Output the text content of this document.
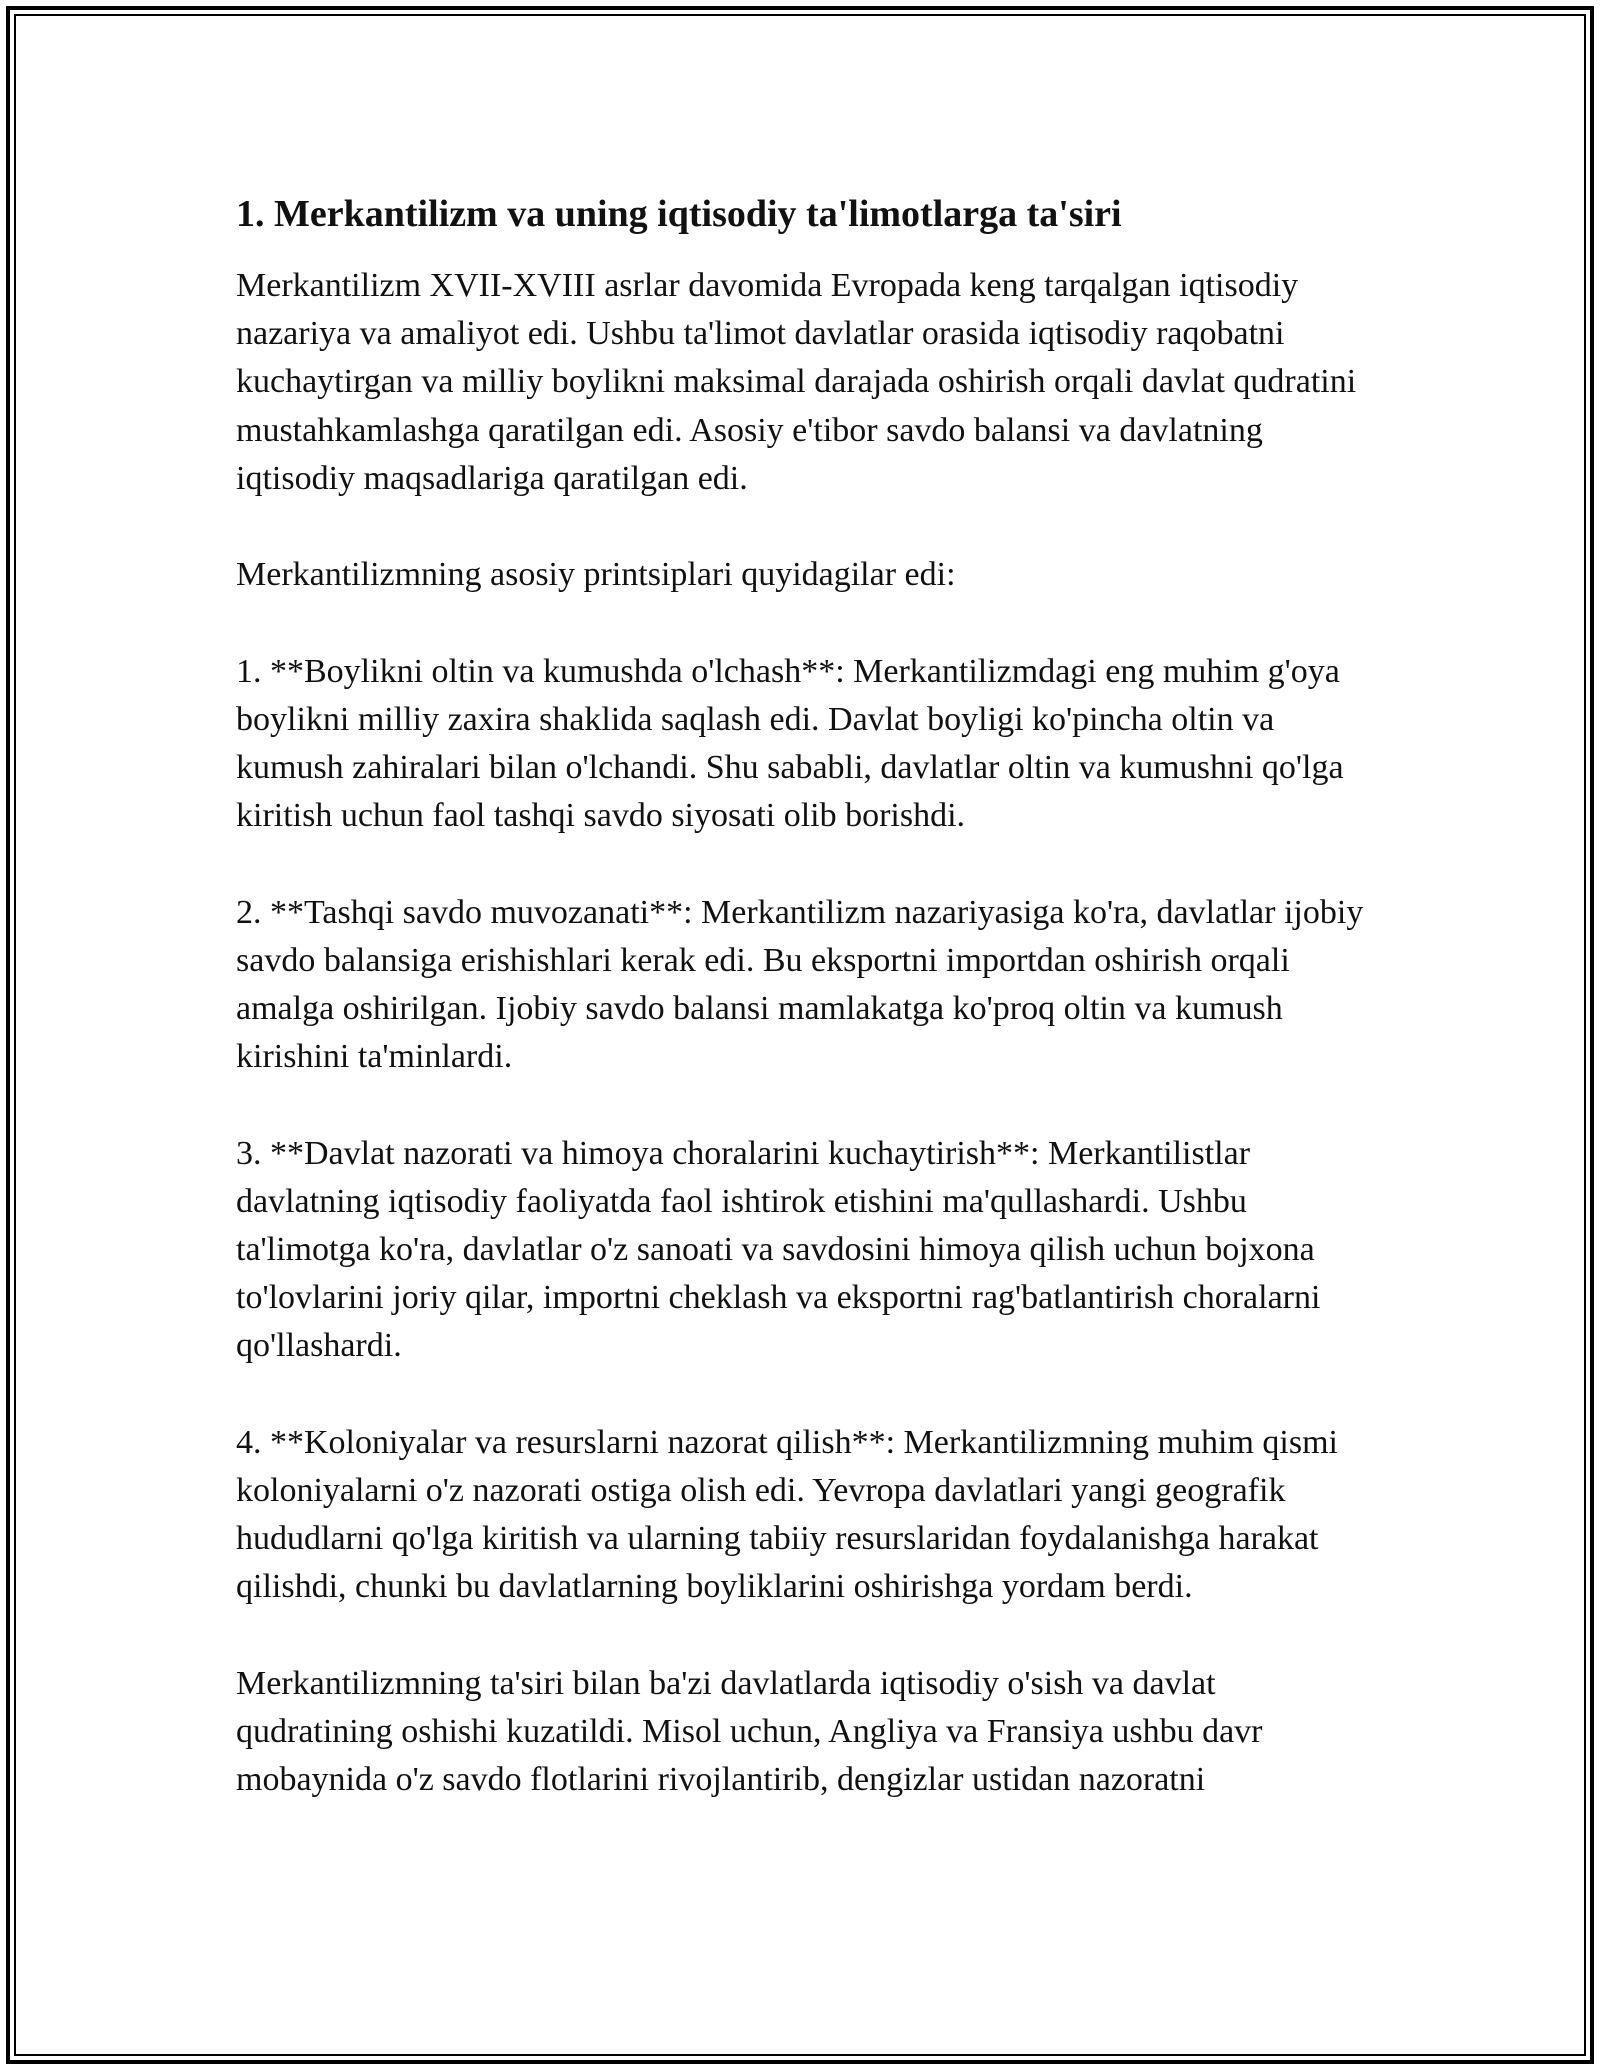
1. Merkantilizm va uning iqtisodiy ta'limotlarga ta'siri

Merkantilizm XVII-XVIII asrlar davomida Evropada keng tarqalgan iqtisodiy nazariya va amaliyot edi. Ushbu ta'limot davlatlar orasida iqtisodiy raqobatni kuchaytirgan va milliy boylikni maksimal darajada oshirish orqali davlat qudratini mustahkamlashga qaratilgan edi. Asosiy e'tibor savdo balansi va davlatning iqtisodiy maqsadlariga qaratilgan edi.

Merkantilizmning asosiy printsiplari quyidagilar edi:

1. **Boylikni oltin va kumushda o'lchash**: Merkantilizmdagi eng muhim g'oya boylikni milliy zaxira shaklida saqlash edi. Davlat boyligi ko'pincha oltin va kumush zahiralari bilan o'lchandi. Shu sababli, davlatlar oltin va kumushni qo'lga kiritish uchun faol tashqi savdo siyosati olib borishdi.

2. **Tashqi savdo muvozanati**: Merkantilizm nazariyasiga ko'ra, davlatlar ijobiy savdo balansiga erishishlari kerak edi. Bu eksportni importdan oshirish orqali amalga oshirilgan. Ijobiy savdo balansi mamlakatga ko'proq oltin va kumush kirishini ta'minlardi.

3. **Davlat nazorati va himoya choralarini kuchaytirish**: Merkantilistlar davlatning iqtisodiy faoliyatda faol ishtirok etishini ma'qullashardi. Ushbu ta'limotga ko'ra, davlatlar o'z sanoati va savdosini himoya qilish uchun bojxona to'lovlarini joriy qilar, importni cheklash va eksportni rag'batlantirish choralarni qo'llashardi.

4. **Koloniyalar va resurslarni nazorat qilish**: Merkantilizmning muhim qismi koloniyalarni o'z nazorati ostiga olish edi. Yevropa davlatlari yangi geografik hududlarni qo'lga kiritish va ularning tabiiy resurslaridan foydalanishga harakat qilishdi, chunki bu davlatlarning boyliklarini oshirishga yordam berdi.

Merkantilizmning ta'siri bilan ba'zi davlatlarda iqtisodiy o'sish va davlat qudratining oshishi kuzatildi. Misol uchun, Angliya va Fransiya ushbu davr mobaynida o'z savdo flotlarini rivojlantirib, dengizlar ustidan nazoratni
